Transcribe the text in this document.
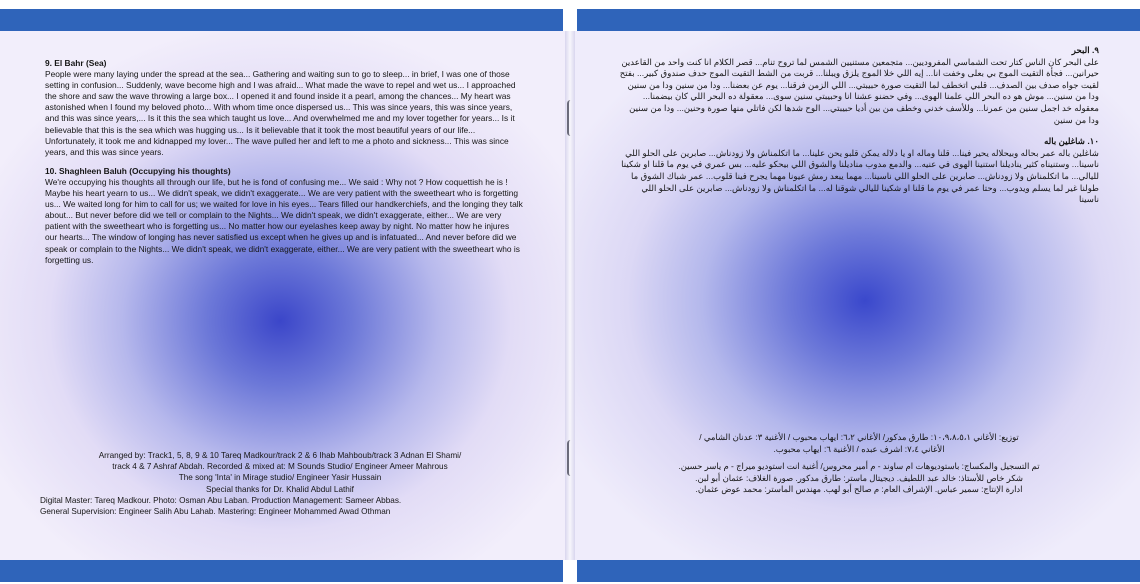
9. El Bahr (Sea)

People were many laying under the spread at the sea... Gathering and waiting sun to go to sleep... in brief, I was one of those setting in confusion... Suddenly, wave become high and I was afraid... What made the wave to repel and wet us... I approached the shore and saw the wave throwing a large box... I opened it and found inside it a pearl, among the chances... My heart was astonished when I found my beloved photo... With whom time once dispersed us... This was since years, this was since years, and this was since years,... Is it this the sea which taught us love... And overwhelmed me and my lover together for years... Is it believable that this is the sea which was hugging us... Is it believable that it took the most beautiful years of our life... Unfortunately, it took me and kidnapped my lover... The wave pulled her and left to me a photo and sickness... This was since years, and this was since years.

10. Shaghleen Baluh (Occupying his thoughts)

We're occupying his thoughts all through our life, but he is fond of confusing me... We said : Why not ? How coquettish he is ! Maybe his heart yearn to us... We didn't speak, we didn't exaggerate... We are very patient with the sweetheart who is forgetting us... We waited long for him to call for us; we waited for love in his eyes... Tears filled our handkerchiefs, and the longing they talk about... But never before did we tell or complain to the Nights... We didn't speak, we didn't exaggerate, either... We are very patient with the sweetheart who is forgetting us... No matter how our eyelashes keep away by night. No matter how he injures our hearts... The window of longing has never satisfied us except when he gives up and is infatuated... And never before did we speak or complain to the Nights... We didn't speak, we didn't exaggerate, either... We are very patient with the sweetheart who is forgetting us.

Arranged by: Track1, 5, 8, 9 & 10 Tareq Madkour/track 2 & 6 Ihab Mahboub/track 3 Adnan El Shami/
track 4 & 7 Ashraf Abdah. Recorded & mixed at: M Sounds Studio/ Engineer Ameer Mahrous
The song 'Inta' in Mirage studio/ Engineer Yasir Hussain
Special thanks for Dr. Khalid Abdul Lathif
Digital Master: Tareq Madkour. Photo: Osman Abu Laban. Production Management: Sameer Abbas.
General Supervision: Engineer Salih Abu Lahab. Mastering: Engineer Mohammed Awad Othman

٩. البحر

على البحر كان الناس كتار تحت الشماسي المفروديين... متجمعين مستنيين الشمس لما تروح تنام... قصر الكلام انا كنت واحد من القاعدين حيرانين... فجأة التقيت الموج بي بعلى وخفت انا... إيه اللي خلا الموج يلزق ويبلنا... قربت من الشط التقيت الموج حدف صندوق كبير... بفتح لقيت جواه صدف بين الصدف... قلبي اتخطف لما التقيت صورة حبيبتي... اللي الزمن فرقنا... يوم عن بعضنا... ودا من سنين ودا من سنين ودا من سنين... موش هو ده البحر اللي علمنا الهوى... وفي حضنو عشنا انا وحبيبتي سنين سوى... معقولة ده البحر اللي كان بيضمنا... معقوله خد اجمل سنين من عمرنا... وللأسف خدني وخطف من بين أديا حبيبتي... الوح شدها لكن فاتلي منها صورة وحنين... ودا من سنين ودا من سنين

١٠. شاغلين باله

شاغلين باله عمر بحاله وبيحلاله يحير فينا... قلنا وماله او يا دلاله يمكن قلبو يحن علينا... ما اتكلمناش ولا زودناش... صابرين على الحلو اللي ناسينا... وستنيناه كثير يناديلنا استنينا الهوى في عنيه... والدمع مدوب مناديلنا والشوق اللي بيحكو عليه... بس عمري في يوم ما قلنا او شكينا لليالي... ما اتكلمناش ولا زودناش... صابرين على الحلو اللي ناسينا... مهما يبعد رمش عيونا مهما يجرح فينا قلوب... عمر شباك الشوق ما طولنا غير لما يسلم ويدوب... وحتا عمر في يوم ما قلنا او شكينا لليالي شوقنا له... ما اتكلمناش ولا زودناش... صابرين على الحلو اللي ناسينا

توزيع: الأغاني ١٠،٩،٨،٥،١: طارق مدكور/ الأغاني ٦،٢: ايهاب محبوب / الأغنية ٣: عدنان الشامي /
الأغاني ٧،٤: اشرف عبده / الأغنية ٦: ايهاب محبوب.
تم التسجيل والمكساج: باستوديوهات ام ساوند - م أمير محروس/ أغنية انت استوديو ميراج - م ياسر حسين.
شكر خاص للأستاذ: خالد عبد اللطيف. ديجيتال ماستر: طارق مدكور. صورة الغلاف: عثمان أبو لبن.
ادارة الإنتاج: سمير عباس. الإشراف العام: م صالح أبو لهب. مهندس الماستر: محمد عوض عثمان.
